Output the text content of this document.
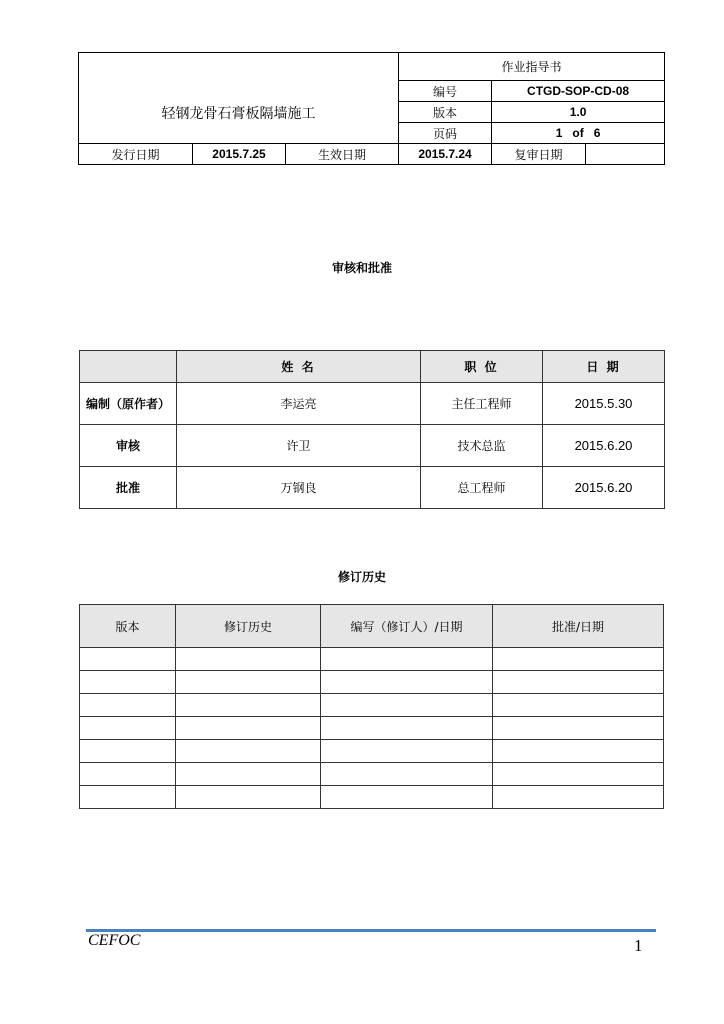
轻钢龙骨石膏板隔墙施工			作业指导书		
			编号	CTGD-SOP-CD-08	
			版本	1.0	
			页码	1   of   6	
发行日期	2015.7.25	生效日期	2015.7.24	复审日期	
审核和批准
	姓 名	职 位	日 期
编制（原作者）	李运亮	主任工程师	2015.5.30
审核	许卫	技术总监	2015.6.20
批准	万钢良	总工程师	2015.6.20
修订历史
版本	修订历史	编写（修订人）/日期	批准/日期

CEFOC	1
